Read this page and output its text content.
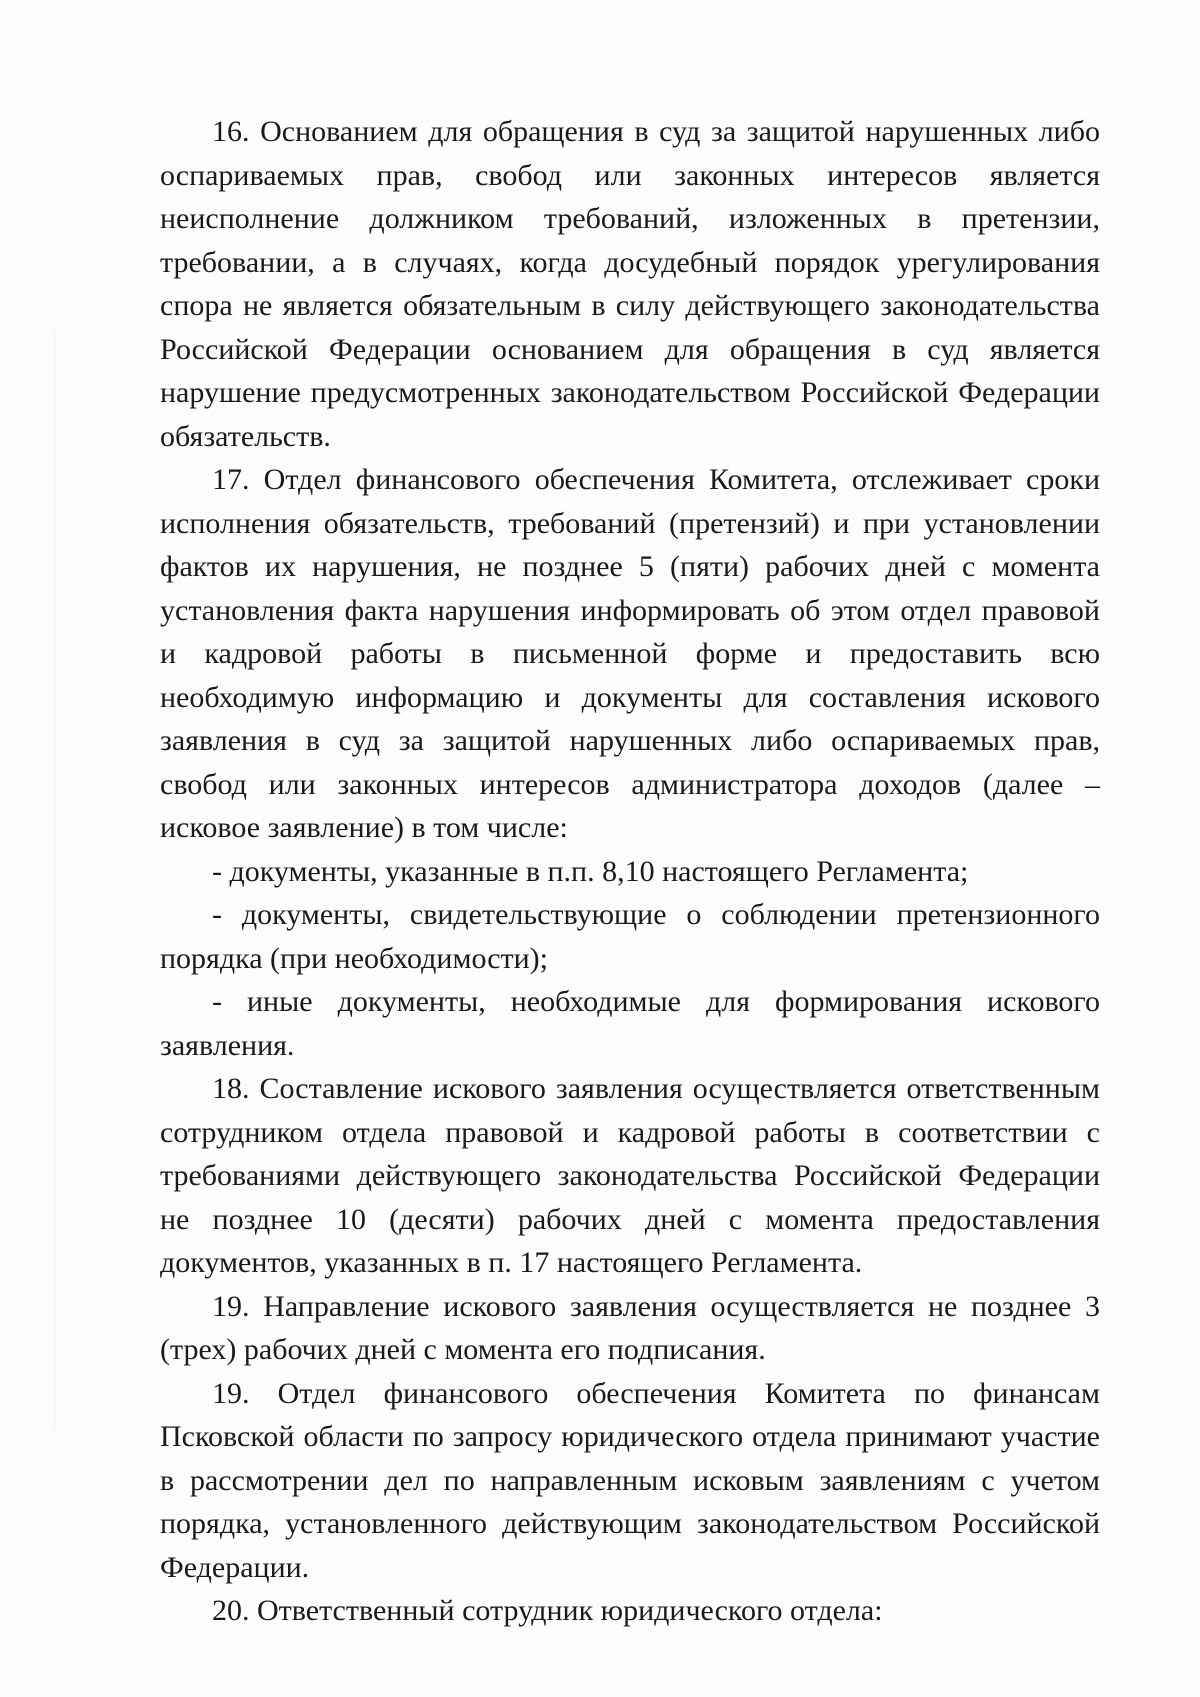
16. Основанием для обращения в суд за защитой нарушенных либо оспариваемых прав, свобод или законных интересов является неисполнение должником требований, изложенных в претензии, требовании, а в случаях, когда досудебный порядок урегулирования спора не является обязательным в силу действующего законодательства Российской Федерации основанием для обращения в суд является нарушение предусмотренных законодательством Российской Федерации обязательств.

17. Отдел финансового обеспечения Комитета, отслеживает сроки исполнения обязательств, требований (претензий) и при установлении фактов их нарушения, не позднее 5 (пяти) рабочих дней с момента установления факта нарушения информировать об этом отдел правовой и кадровой работы в письменной форме и предоставить всю необходимую информацию и документы для составления искового заявления в суд за защитой нарушенных либо оспариваемых прав, свобод или законных интересов администратора доходов (далее – исковое заявление) в том числе:

- документы, указанные в п.п. 8,10 настоящего Регламента;

- документы, свидетельствующие о соблюдении претензионного порядка (при необходимости);

- иные документы, необходимые для формирования искового заявления.

18. Составление искового заявления осуществляется ответственным сотрудником отдела правовой и кадровой работы в соответствии с требованиями действующего законодательства Российской Федерации не позднее 10 (десяти) рабочих дней с момента предоставления документов, указанных в п. 17 настоящего Регламента.

19. Направление искового заявления осуществляется не позднее 3 (трех) рабочих дней с момента его подписания.

19. Отдел финансового обеспечения Комитета по финансам Псковской области по запросу юридического отдела принимают участие в рассмотрении дел по направленным исковым заявлениям с учетом порядка, установленного действующим законодательством Российской Федерации.

20. Ответственный сотрудник юридического отдела:
